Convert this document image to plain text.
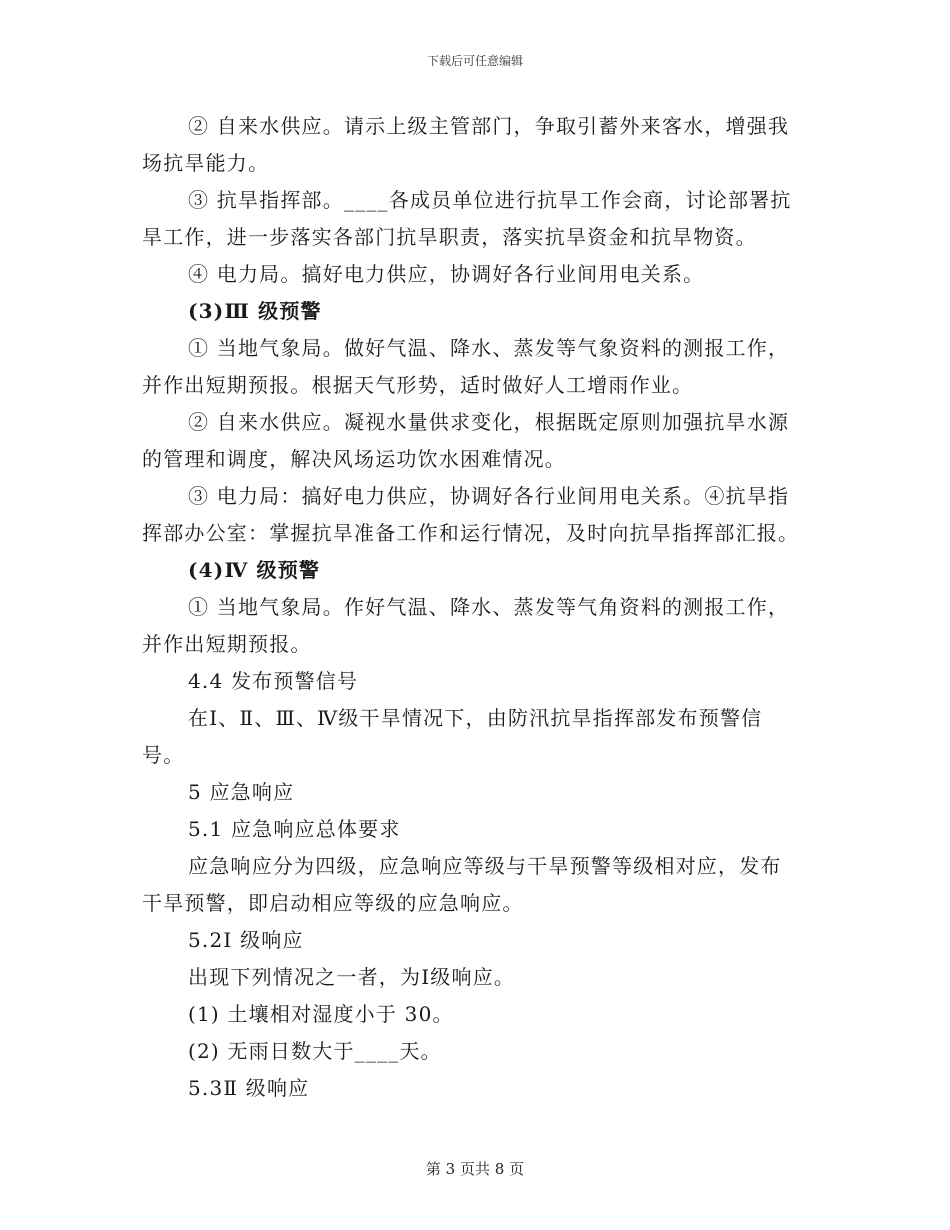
下载后可任意编辑

② 自来水供应。请示上级主管部门，争取引蓄外来客水，增强我场抗旱能力。

③ 抗旱指挥部。____各成员单位进行抗旱工作会商，讨论部署抗旱工作，进一步落实各部门抗旱职责，落实抗旱资金和抗旱物资。

④ 电力局。搞好电力供应，协调好各行业间用电关系。

(3)Ⅲ 级预警

① 当地气象局。做好气温、降水、蒸发等气象资料的测报工作，并作出短期预报。根据天气形势，适时做好人工增雨作业。

② 自来水供应。凝视水量供求变化，根据既定原则加强抗旱水源的管理和调度，解决风场运功饮水困难情况。

③ 电力局：搞好电力供应，协调好各行业间用电关系。④抗旱指挥部办公室：掌握抗旱准备工作和运行情况，及时向抗旱指挥部汇报。

(4)Ⅳ 级预警

① 当地气象局。作好气温、降水、蒸发等气角资料的测报工作，并作出短期预报。

4.4 发布预警信号

在Ⅰ、Ⅱ、Ⅲ、Ⅳ级干旱情况下，由防汛抗旱指挥部发布预警信号。

5 应急响应

5.1 应急响应总体要求

应急响应分为四级，应急响应等级与干旱预警等级相对应，发布干旱预警，即启动相应等级的应急响应。

5.2Ⅰ 级响应

出现下列情况之一者，为Ⅰ级响应。

(1) 土壤相对湿度小于 30。

(2) 无雨日数大于____天。

5.3Ⅱ 级响应

第 3 页共 8 页
